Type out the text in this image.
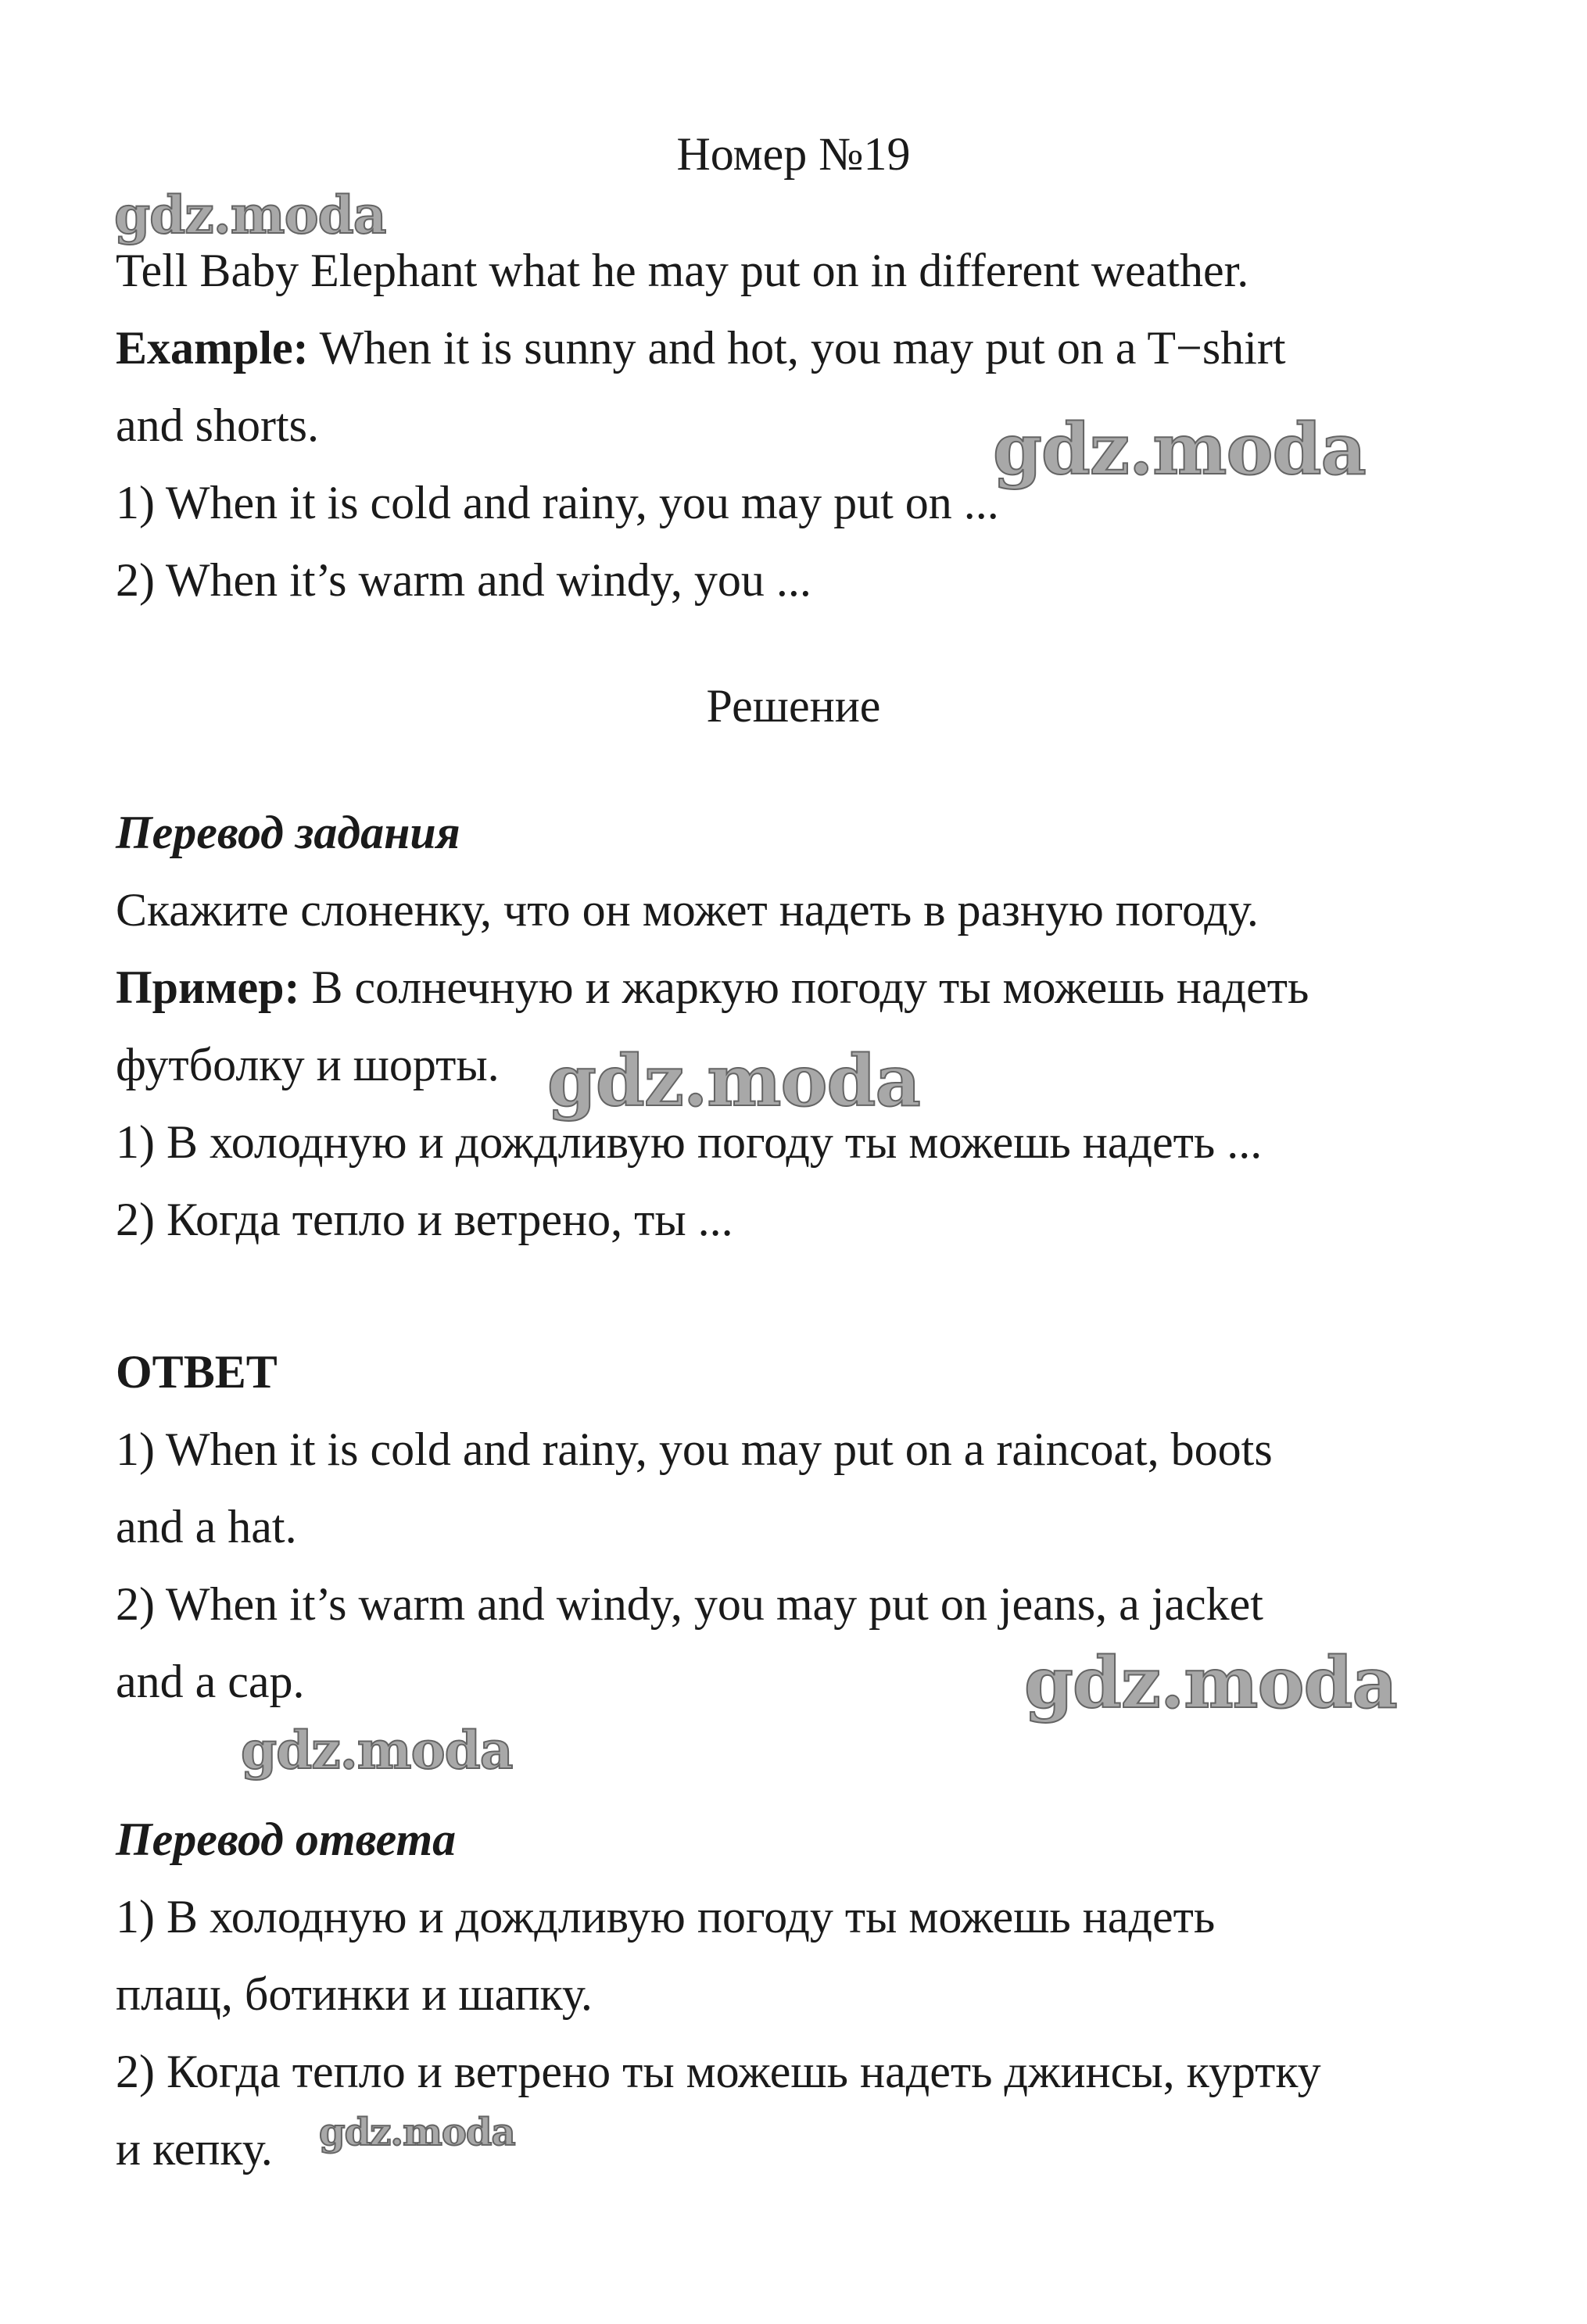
Номер №19
Tell Baby Elephant what he may put on in different weather.
Example: When it is sunny and hot, you may put on a T−shirt
and shorts.
1) When it is cold and rainy, you may put on ...
2) When it’s warm and windy, you ...
Решение
Перевод задания
Скажите слоненку, что он может надеть в разную погоду.
Пример: В солнечную и жаркую погоду ты можешь надеть
футболку и шорты.
1) В холодную и дождливую погоду ты можешь надеть ...
2) Когда тепло и ветрено, ты ...
ОТВЕТ
1) When it is cold and rainy, you may put on a raincoat, boots
and a hat.
2) When it’s warm and windy, you may put on jeans, a jacket
and a cap.
Перевод ответа
1) В холодную и дождливую погоду ты можешь надеть
плащ, ботинки и шапку.
2) Когда тепло и ветрено ты можешь надеть джинсы, куртку
и кепку.
gdz.moda
gdz.moda
gdz.moda
gdz.moda
gdz.moda
gdz.moda
